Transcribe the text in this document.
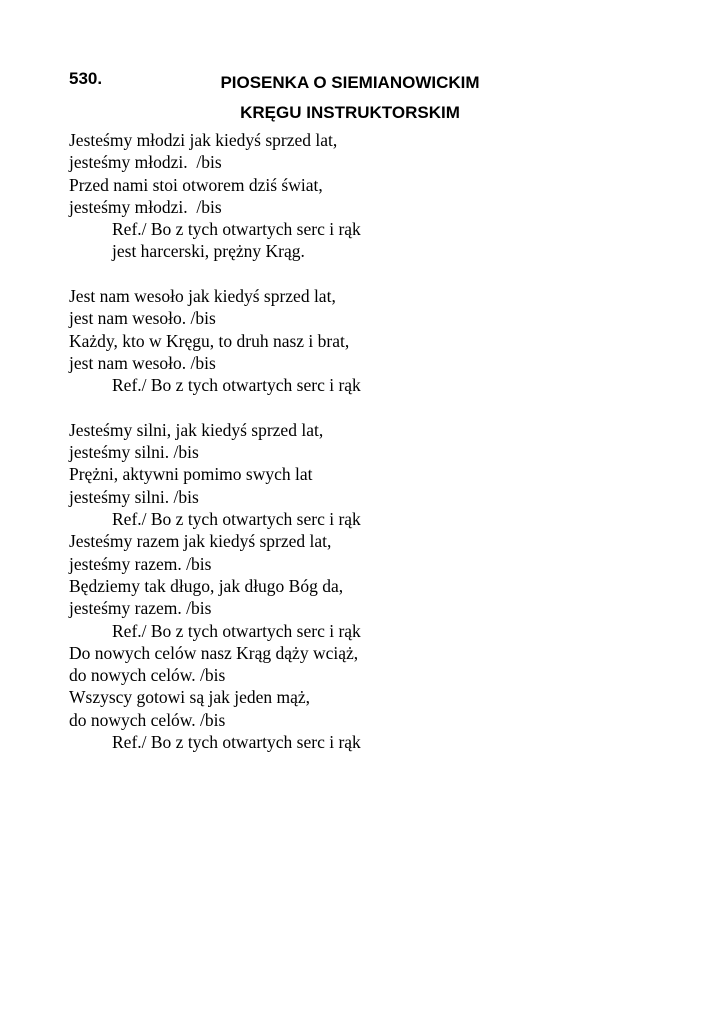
530.	PIOSENKA O SIEMIANOWICKIM
KRĘGU INSTRUKTORSKIM
Jesteśmy młodzi jak kiedyś sprzed lat,
jesteśmy młodzi.  /bis
Przed nami stoi otworem dziś świat,
jesteśmy młodzi.  /bis
Ref./ Bo z tych otwartych serc i rąk
jest harcerski, prężny Krąg.
Jest nam wesoło jak kiedyś sprzed lat,
jest nam wesoło. /bis
Każdy, kto w Kręgu, to druh nasz i brat,
jest nam wesoło. /bis
Ref./ Bo z tych otwartych serc i rąk
Jesteśmy silni, jak kiedyś sprzed lat,
jesteśmy silni. /bis
Prężni, aktywni pomimo swych lat
jesteśmy silni. /bis
Ref./ Bo z tych otwartych serc i rąk
Jesteśmy razem jak kiedyś sprzed lat,
jesteśmy razem. /bis
Będziemy tak długo, jak długo Bóg da,
jesteśmy razem. /bis
Ref./ Bo z tych otwartych serc i rąk
Do nowych celów nasz Krąg dąży wciąż,
do nowych celów. /bis
Wszyscy gotowi są jak jeden mąż,
do nowych celów. /bis
Ref./ Bo z tych otwartych serc i rąk
